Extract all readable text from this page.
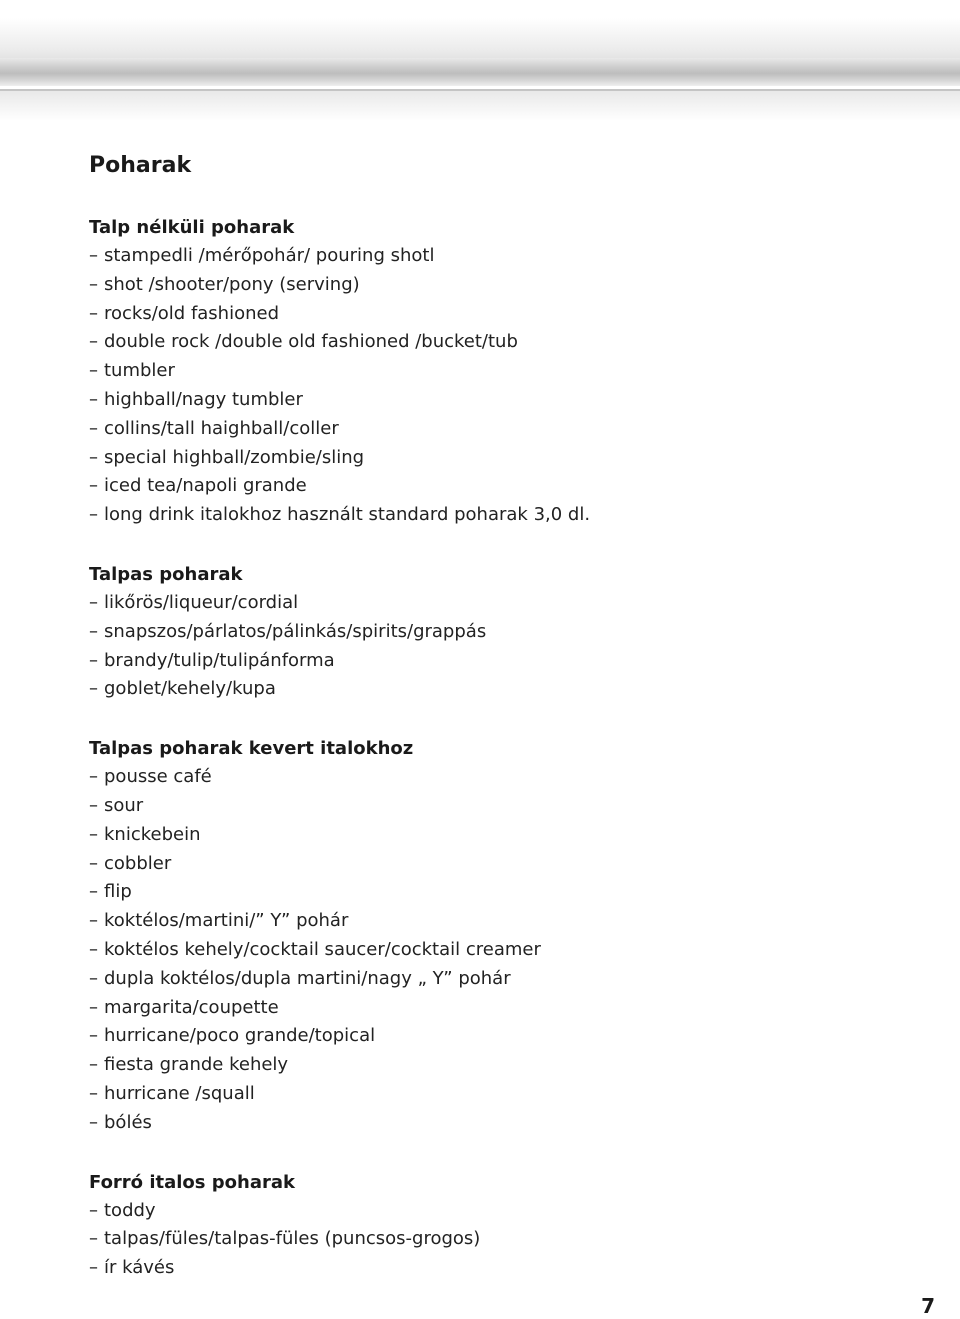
Poharak
Talp nélküli poharak
– stampedli /mérőpohár/ pouring shotl
– shot /shooter/pony (serving)
– rocks/old fashioned
– double rock /double old fashioned /bucket/tub
– tumbler
– highball/nagy tumbler
– collins/tall haighball/coller
– special highball/zombie/sling
– iced tea/napoli grande
– long drink italokhoz használt standard poharak 3,0 dl.
Talpas poharak
– likőrös/liqueur/cordial
– snapszos/párlatos/pálinkás/spirits/grappás
– brandy/tulip/tulipánforma
– goblet/kehely/kupa
Talpas poharak kevert italokhoz
– pousse café
– sour
– knickebein
– cobbler
– flip
– koktélos/martini/” Y” pohár
– koktélos kehely/cocktail saucer/cocktail creamer
– dupla koktélos/dupla martini/nagy „ Y” pohár
– margarita/coupette
– hurricane/poco grande/topical
– fiesta grande kehely
– hurricane /squall
– bólés
Forró italos poharak
– toddy
– talpas/füles/talpas-füles (puncsos-grogos)
– ír kávés
7
